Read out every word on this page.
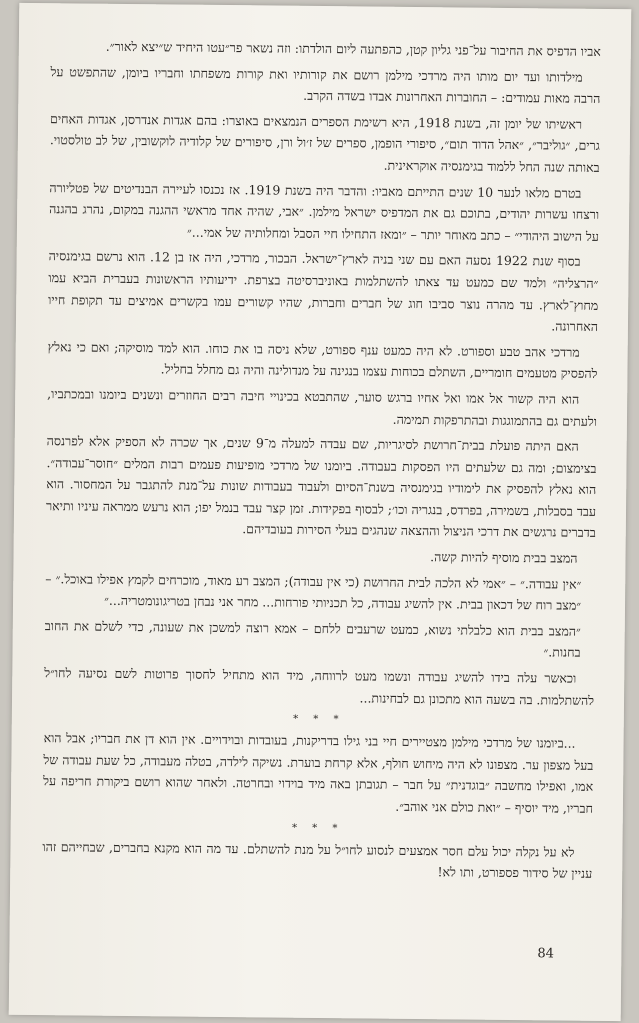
אביו הדפיס את החיבור על־פני גליון קטן, כהפתעה ליום הולדתו: וזה נשאר פר״עטו היחיד ש״יצא לאור״.

מילדותו ועד יום מותו היה מרדכי מילמן רושם את קורותיו ואת קורות משפחתו וחבריו ביומן, שהתפשט על הרבה מאות עמודים: – החוברות האחרונות אבדו בשדה הקרב.

ראשיתו של יומן זה, בשנת 1918, היא רשימת הספרים הנמצאים באוצרו: בהם אגדות אנדרסן, אגדות האחים גרים, ״גוליבר״, ״אהל הדוד תום״, סיפורי הופמן, ספרים של ז׳ול ורן, סיפורים של קלודיה לוקשובין, של לב טולסטוי. באותה שנה החל ללמוד בגימנסיה אוקראינית.

בטרם מלאו לנער 10 שנים התייתם מאביו: והדבר היה בשנת 1919. אז נכנסו לעיירה הבנדיטים של פטליורה ורצחו עשרות יהודים, בתוכם גם את המדפיס ישראל מילמן. ״אבי, שהיה אחד מראשי ההגנה במקום, נהרג בהגנה על הישוב היהודי״ – כתב מאוחר יותר – ״ומאז התחילו חיי הסבל ומחלותיה של אמי...״

בסוף שנת 1922 נסעה האם עם שני בניה לארץ־ישראל. הבכור, מרדכי, היה אז בן 12. הוא נרשם בגימנסיה ״הרצליה״ ולמד שם כמעט עד צאתו להשתלמות באוניברסיטה בצרפת. ידיעותיו הראשונות בעברית הביא עמו מחוץ־לארץ. עד מהרה נוצר סביבו חוג של חברים וחברות, שהיו קשורים עמו בקשרים אמיצים עד תקופת חייו האחרונה.

מרדכי אהב טבע וספורט. לא היה כמעט ענף ספורט, שלא ניסה בו את כוחו. הוא למד מוסיקה; ואם כי נאלץ להפסיק מטעמים חומריים, השתלם בכוחות עצמו בנגינה על מנדולינה והיה גם מחלל בחליל.

הוא היה קשור אל אמו ואל אחיו ברגש סוער, שהתבטא בכינויי חיבה רבים החוזרים ונשנים ביומנו ובמכתביו, ולעתים גם בהתמוגגות ובהתרפקות תמימה.

האם היתה פועלת בבית־חרושת לסיגריות, שם עבדה למעלה מ־9 שנים, אך שכרה לא הספיק אלא לפרנסה בצימצום; ומה גם שלעתים היו הפסקות בעבודה. ביומנו של מרדכי מופיעות פעמים רבות המלים ״חוסר־עבודה״. הוא נאלץ להפסיק את לימודיו בגימנסיה בשנת־הסיום ולעבוד בעבודות שונות על־מנת להתגבר על המחסור. הוא עבד בסבלות, בשמירה, בפרדס, בנגריה וכו׳; לבסוף בפקידות. זמן קצר עבד בנמל יפו; הוא נרעש ממראה עיניו ותיאר בדברים נרגשים את דרכי הניצול וההצאה שנהגים בעלי הסירות בעובדיהם.

המצב בבית מוסיף להיות קשה.

״אין עבודה.״ – ״אמי לא הלכה לבית החרושת (כי אין עבודה); המצב רע מאוד, מוכרחים לקמץ אפילו באוכל.״ – ״מצב רוח של דכאון בבית. אין להשיג עבודה, כל תכניותי פורחות... מחר אני נבחן בטריגונומטריה...״

״המצב בבית הוא כלבלתי נשוא, כמעט שרעבים ללחם – אמא רוצה למשכן את שעונה, כדי לשלם את החוב בחנות.״

וכאשר עלה בידו להשיג עבודה ונשמו מעט לרווחה, מיד הוא מתחיל לחסוך פרוטות לשם נסיעה לחו״ל להשתלמות. בה בשעה הוא מתכונן גם לבחינות...

* * *

...ביומנו של מרדכי מילמן מצטיירים חיי בני גילו בדריקנות, בעובדות ובוידויים. אין הוא דן את חבריו; אבל הוא בעל מצפון ער. מצפונו לא היה מיחוש חולף, אלא קרחת בוערת. נשיקה לילדה, בטלה מעבודה, כל שעת עבודה של אמו, ואפילו מחשבה ״בוגדנית״ על חבר – תגובתן באה מיד בוידוי ובחרטה. ולאחר שהוא רושם ביקורת חריפה על חבריו, מיד יוסיף – ״ואת כולם אני אוהב״.

* * *

לא על נקלה יכול עלם חסר אמצעים לנסוע לחו״ל על מנת להשתלם. עד מה הוא מקנא בחברים, שבחייהם זהו עניין של סידור פספורט, ותו לא!

84
